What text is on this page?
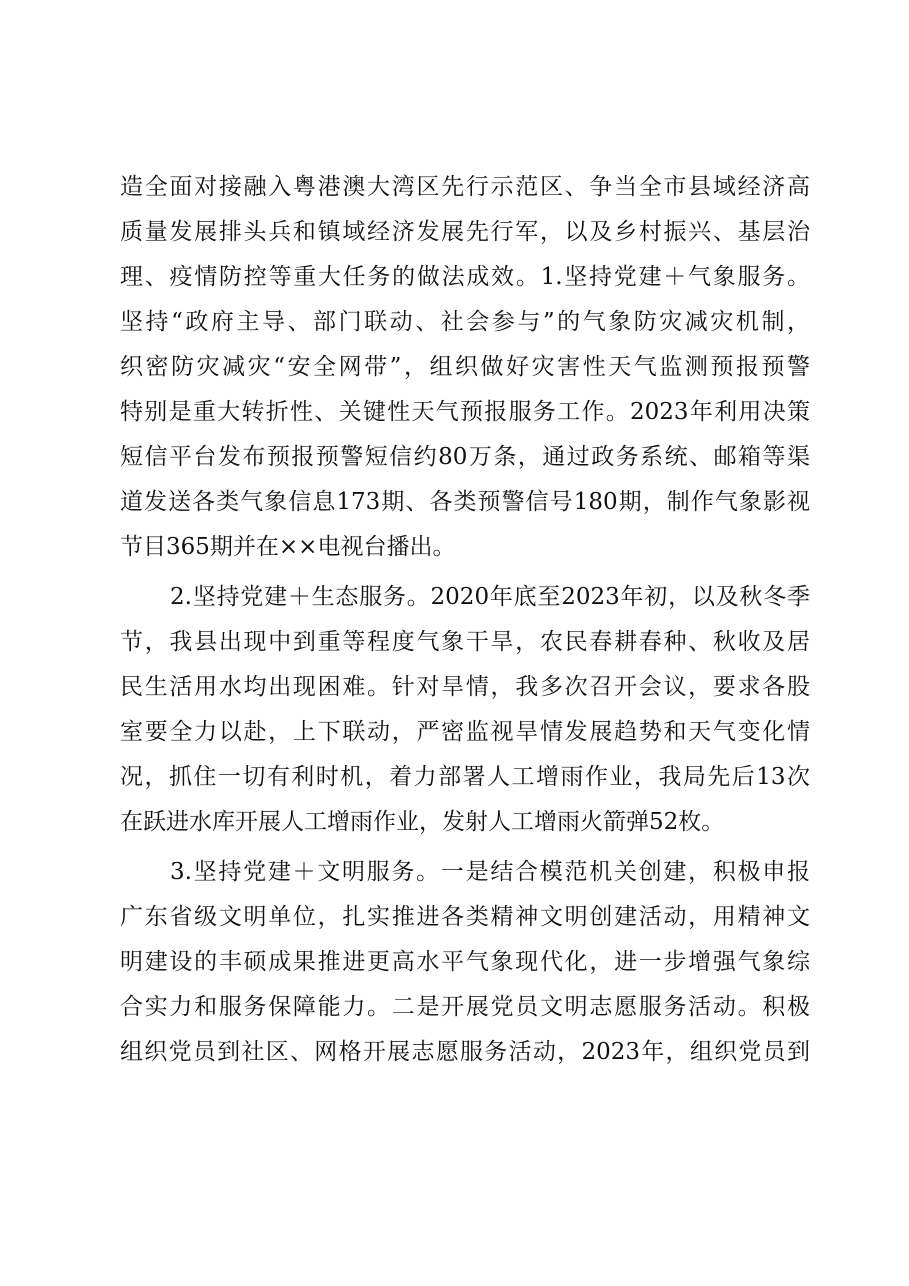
造全面对接融入粤港澳大湾区先行示范区、争当全市县域经济高
质量发展排头兵和镇域经济发展先行军，以及乡村振兴、基层治
理、疫情防控等重大任务的做法成效。1.坚持党建＋气象服务。
坚持“政府主导、部门联动、社会参与”的气象防灾减灾机制，
织密防灾减灾“安全网带”，组织做好灾害性天气监测预报预警
特别是重大转折性、关键性天气预报服务工作。2023年利用决策
短信平台发布预报预警短信约80万条，通过政务系统、邮箱等渠
道发送各类气象信息173期、各类预警信号180期，制作气象影视
节目365期并在××电视台播出。
2.坚持党建＋生态服务。2020年底至2023年初，以及秋冬季
节，我县出现中到重等程度气象干旱，农民春耕春种、秋收及居
民生活用水均出现困难。针对旱情，我多次召开会议，要求各股
室要全力以赴，上下联动，严密监视旱情发展趋势和天气变化情
况，抓住一切有利时机，着力部署人工增雨作业，我局先后13次
在跃进水库开展人工增雨作业，发射人工增雨火箭弹52枚。
3.坚持党建＋文明服务。一是结合模范机关创建，积极申报
广东省级文明单位，扎实推进各类精神文明创建活动，用精神文
明建设的丰硕成果推进更高水平气象现代化，进一步增强气象综
合实力和服务保障能力。二是开展党员文明志愿服务活动。积极
组织党员到社区、网格开展志愿服务活动，2023年，组织党员到
